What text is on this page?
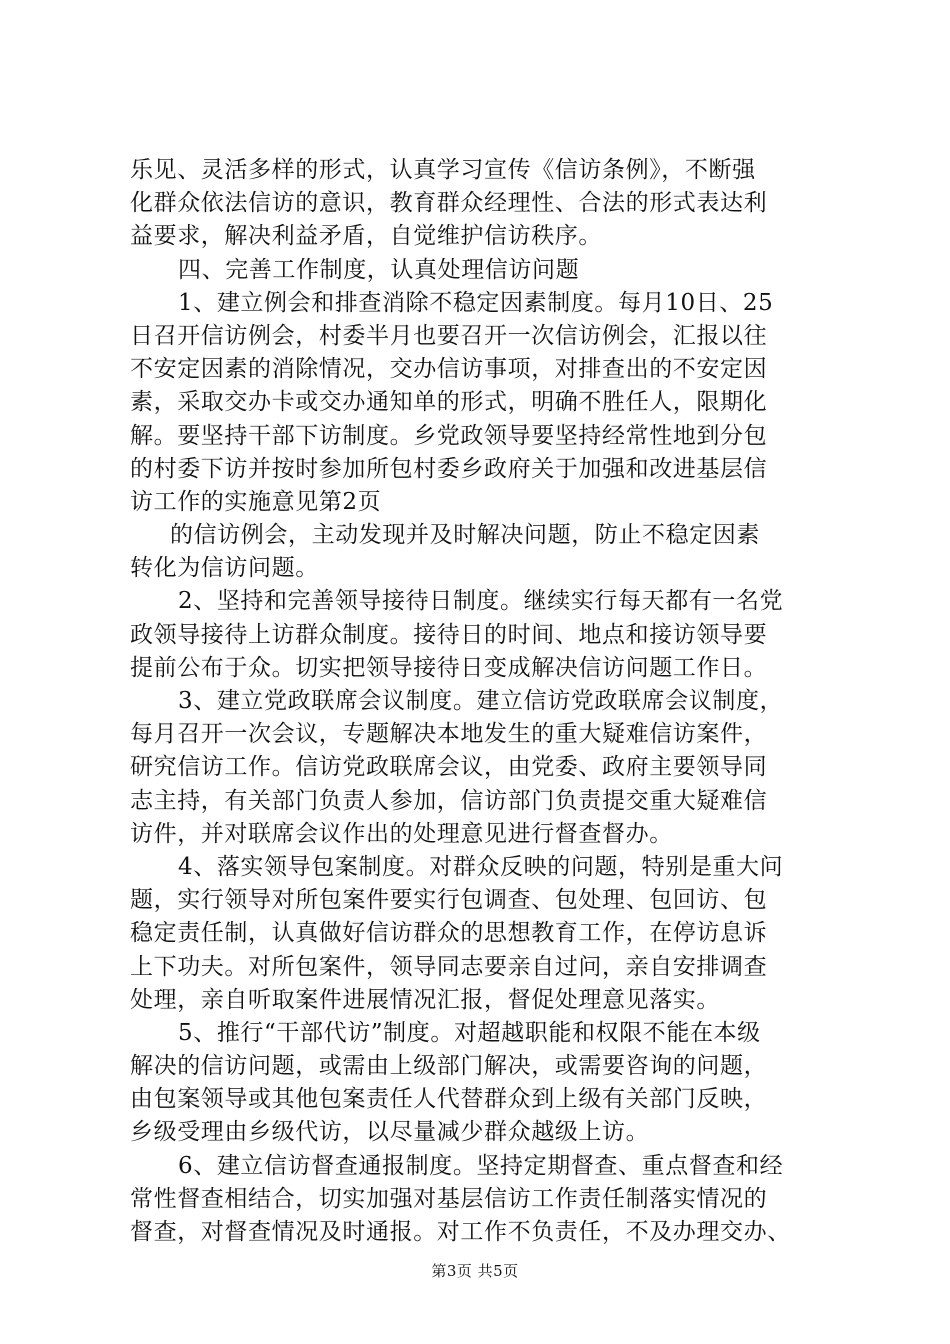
乐见、灵活多样的形式，认真学习宣传《信访条例》，不断强
化群众依法信访的意识，教育群众经理性、合法的形式表达利
益要求，解决利益矛盾，自觉维护信访秩序。
四、完善工作制度，认真处理信访问题
1、建立例会和排查消除不稳定因素制度。每月10日、25
日召开信访例会，村委半月也要召开一次信访例会，汇报以往
不安定因素的消除情况，交办信访事项，对排查出的不安定因
素，采取交办卡或交办通知单的形式，明确不胜任人，限期化
解。要坚持干部下访制度。乡党政领导要坚持经常性地到分包
的村委下访并按时参加所包村委乡政府关于加强和改进基层信
访工作的实施意见第2页
的信访例会，主动发现并及时解决问题，防止不稳定因素
转化为信访问题。
2、坚持和完善领导接待日制度。继续实行每天都有一名党
政领导接待上访群众制度。接待日的时间、地点和接访领导要
提前公布于众。切实把领导接待日变成解决信访问题工作日。
3、建立党政联席会议制度。建立信访党政联席会议制度，
每月召开一次会议，专题解决本地发生的重大疑难信访案件，
研究信访工作。信访党政联席会议，由党委、政府主要领导同
志主持，有关部门负责人参加，信访部门负责提交重大疑难信
访件，并对联席会议作出的处理意见进行督查督办。
4、落实领导包案制度。对群众反映的问题，特别是重大问
题，实行领导对所包案件要实行包调查、包处理、包回访、包
稳定责任制，认真做好信访群众的思想教育工作，在停访息诉
上下功夫。对所包案件，领导同志要亲自过问，亲自安排调查
处理，亲自听取案件进展情况汇报，督促处理意见落实。
5、推行“干部代访”制度。对超越职能和权限不能在本级
解决的信访问题，或需由上级部门解决，或需要咨询的问题，
由包案领导或其他包案责任人代替群众到上级有关部门反映，
乡级受理由乡级代访，以尽量减少群众越级上访。
6、建立信访督查通报制度。坚持定期督查、重点督查和经
常性督查相结合，切实加强对基层信访工作责任制落实情况的
督查，对督查情况及时通报。对工作不负责任，不及办理交办、
第3页 共5页
